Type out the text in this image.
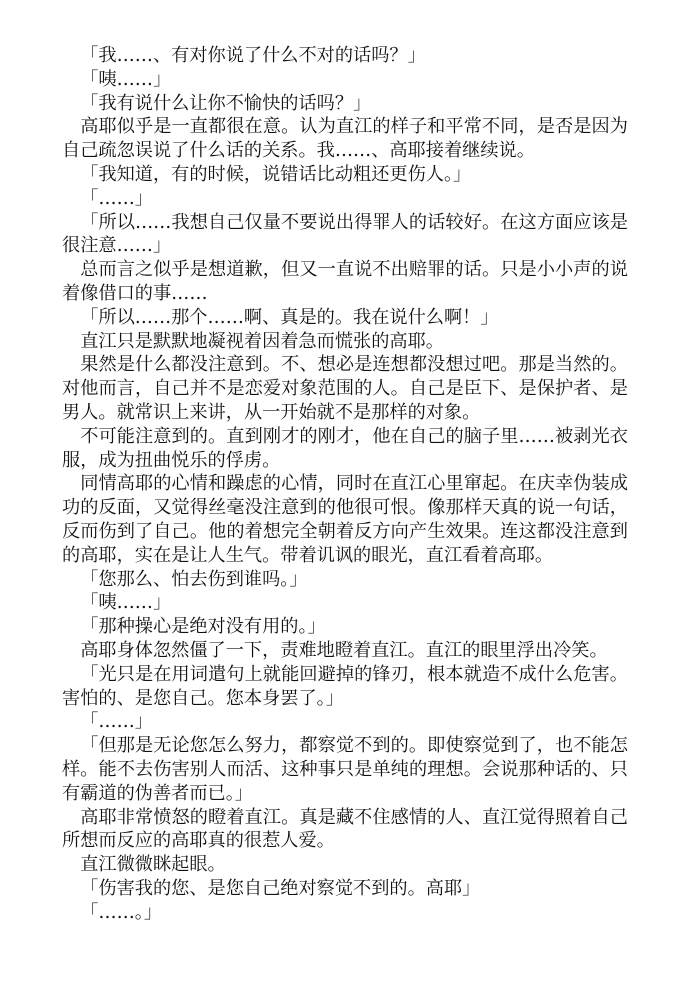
「我……、有对你说了什么不对的话吗？」

「咦……」

「我有说什么让你不愉快的话吗？」

高耶似乎是一直都很在意。认为直江的样子和平常不同，是否是因为自己疏忽误说了什么话的关系。我……、高耶接着继续说。

「我知道，有的时候，说错话比动粗还更伤人。」

「……」

「所以……我想自己仅量不要说出得罪人的话较好。在这方面应该是很注意……」

总而言之似乎是想道歉，但又一直说不出赔罪的话。只是小小声的说着像借口的事……

「所以……那个……啊、真是的。我在说什么啊！」

直江只是默默地凝视着因着急而慌张的高耶。

果然是什么都没注意到。不、想必是连想都没想过吧。那是当然的。对他而言，自己并不是恋爱对象范围的人。自己是臣下、是保护者、是男人。就常识上来讲，从一开始就不是那样的对象。

不可能注意到的。直到刚才的刚才，他在自己的脑子里……被剥光衣服，成为扭曲悦乐的俘虏。

同情高耶的心情和躁虑的心情，同时在直江心里窜起。在庆幸伪装成功的反面，又觉得丝毫没注意到的他很可恨。像那样天真的说一句话，反而伤到了自己。他的着想完全朝着反方向产生效果。连这都没注意到的高耶，实在是让人生气。带着讥讽的眼光，直江看着高耶。

「您那么、怕去伤到谁吗。」

「咦……」

「那种操心是绝对没有用的。」

高耶身体忽然僵了一下，责难地瞪着直江。直江的眼里浮出冷笑。

「光只是在用词遣句上就能回避掉的锋刃，根本就造不成什么危害。害怕的、是您自己。您本身罢了。」

「……」

「但那是无论您怎么努力，都察觉不到的。即使察觉到了，也不能怎样。能不去伤害别人而活、这种事只是单纯的理想。会说那种话的、只有霸道的伪善者而已。」

高耶非常愤怒的瞪着直江。真是藏不住感情的人、直江觉得照着自己所想而反应的高耶真的很惹人爱。

直江微微眯起眼。

「伤害我的您、是您自己绝对察觉不到的。高耶」

「……。」
